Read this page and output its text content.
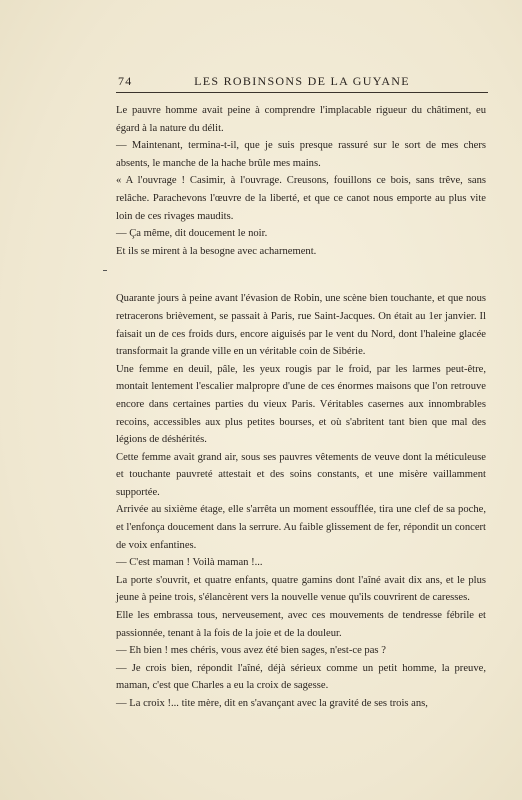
74	LES ROBINSONS DE LA GUYANE

Le pauvre homme avait peine à comprendre l'implacable rigueur du châtiment, eu égard à la nature du délit.

— Maintenant, termina-t-il, que je suis presque rassuré sur le sort de mes chers absents, le manche de la hache brûle mes mains.

« A l'ouvrage ! Casimir, à l'ouvrage. Creusons, fouillons ce bois, sans trêve, sans relâche. Parachevons l'œuvre de la liberté, et que ce canot nous emporte au plus vite loin de ces rivages maudits.

— Ça même, dit doucement le noir.

Et ils se mirent à la besogne avec acharnement.

Quarante jours à peine avant l'évasion de Robin, une scène bien touchante, et que nous retracerons brièvement, se passait à Paris, rue Saint-Jacques. On était au 1er janvier. Il faisait un de ces froids durs, encore aiguisés par le vent du Nord, dont l'haleine glacée transformait la grande ville en un véritable coin de Sibérie.

Une femme en deuil, pâle, les yeux rougis par le froid, par les larmes peut-être, montait lentement l'escalier malpropre d'une de ces énormes maisons que l'on retrouve encore dans certaines parties du vieux Paris. Véritables casernes aux innombrables recoins, accessibles aux plus petites bourses, et où s'abritent tant bien que mal des légions de déshérités.

Cette femme avait grand air, sous ses pauvres vêtements de veuve dont la méticuleuse et touchante pauvreté attestait et des soins constants, et une misère vaillamment supportée.

Arrivée au sixième étage, elle s'arrêta un moment essoufflée, tira une clef de sa poche, et l'enfonça doucement dans la serrure. Au faible glissement de fer, répondit un concert de voix enfantines.

— C'est maman ! Voilà maman !...

La porte s'ouvrit, et quatre enfants, quatre gamins dont l'aîné avait dix ans, et le plus jeune à peine trois, s'élancèrent vers la nouvelle venue qu'ils couvrirent de caresses.

Elle les embrassa tous, nerveusement, avec ces mouvements de tendresse fébrile et passionnée, tenant à la fois de la joie et de la douleur.

— Eh bien ! mes chéris, vous avez été bien sages, n'est-ce pas ?

— Je crois bien, répondit l'aîné, déjà sérieux comme un petit homme, la preuve, maman, c'est que Charles a eu la croix de sagesse.

— La croix !... tite mère, dit en s'avançant avec la gravité de ses trois ans,
